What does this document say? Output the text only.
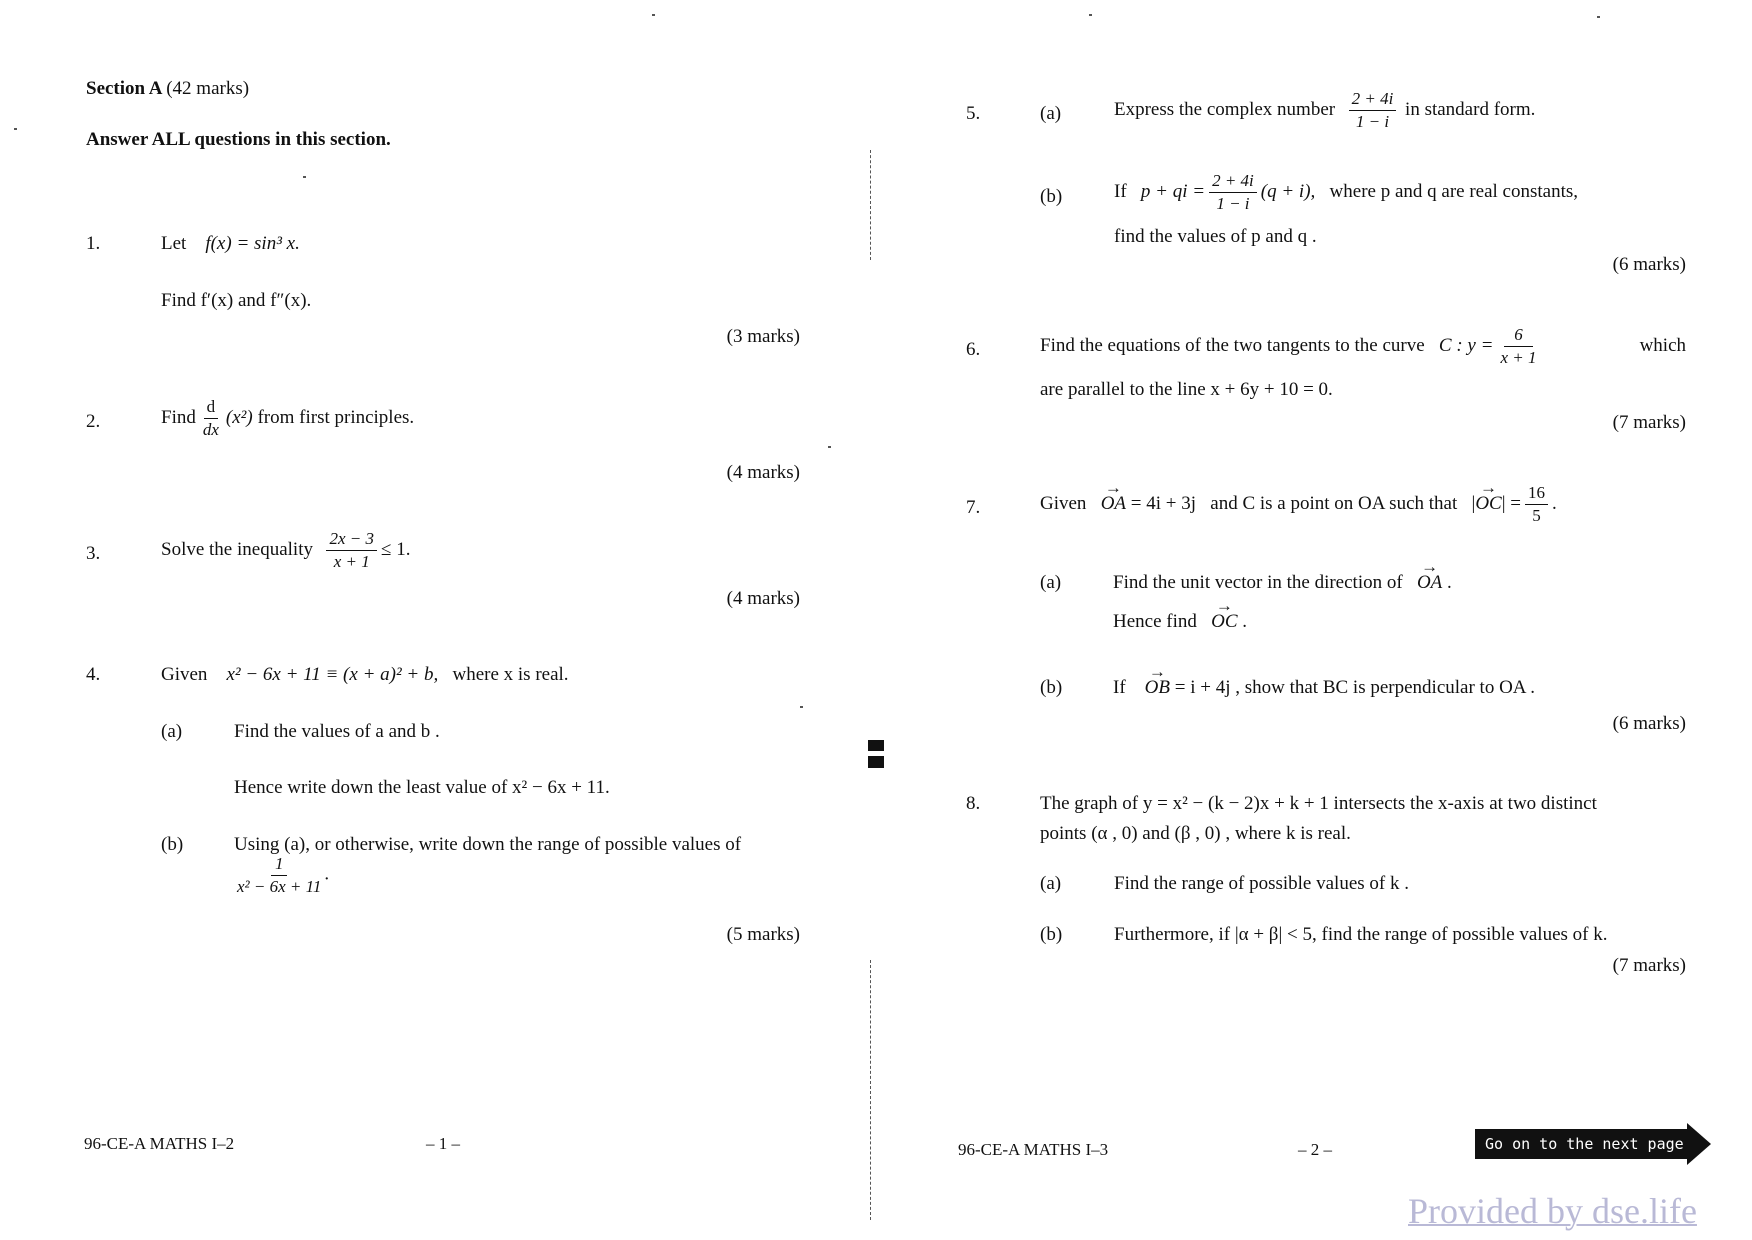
Section A (42 marks)
Answer ALL questions in this section.
1.	Let f(x) = sin³ x.
Find f′(x) and f″(x).
(3 marks)
2.	Find $\frac{d}{dx} (x^2)$
from first principles.
(4 marks)
3.	Solve the inequality
$\frac{2x - 3}{x + 1} \le 1$.
(4 marks)
4.	Given x² − 6x + 11 ≡ (x + a)² + b, where x is real.
(a)	Find the values of a and b .
Hence write down the least value of x² − 6x + 11.
(b)	Using (a), or otherwise, write down the range of possible values of
$\frac{1}{\text{x² − 6x + 11}}$ .
(5 marks)
96-CE-A MATHS I–2	– 1 –
5.	(a)	Express the complex number
$\frac{2 + 4i}{1 - i}$
in standard form.
(b)	If
p + qi = $\frac{2 + 4i}{1 - i} (q + i)$,
where p and q are real constants,
find the values of p and q .
(6 marks)
6.	Find the equations of the two tangents to the curve
C : $y = \frac{6}{x + 1}$	which
are parallel to the line x + 6y + 10 = 0.
(7 marks)
7.	Given
→ OA
= 4i + 3j
and C is a point on OA such that
| → OC | = $\frac{16}{5}$ .
(a)	Find the unit vector in the direction of → OA .
Hence find → OC .
(b)	If → OB = i + 4j , show that BC is perpendicular to OA .
(6 marks)
8.	The graph of y = x² − (k − 2)x + k + 1 intersects the x-axis at two distinct
points (α , 0) and (β , 0) , where k is real.
(a)	Find the range of possible values of k .
(b)	Furthermore, if |α + β| < 5, find the range of possible values of k.
(7 marks)
96-CE-A MATHS I–3	– 2 –	Go on to the next page
Provided by dse.life
